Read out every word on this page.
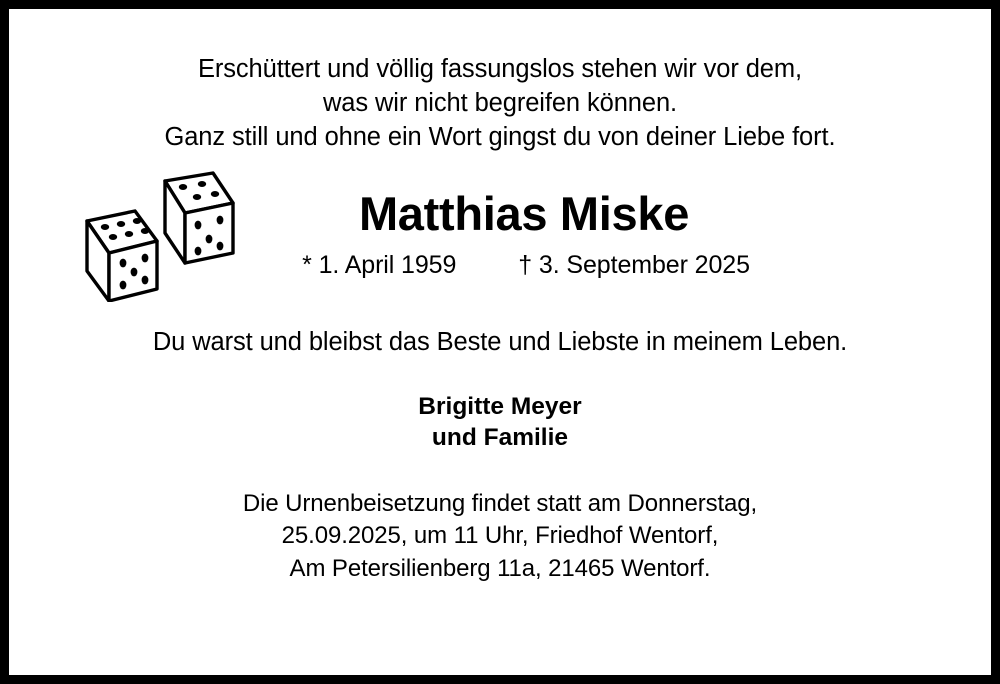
Erschüttert und völlig fassungslos stehen wir vor dem,
was wir nicht begreifen können.
Ganz still und ohne ein Wort gingst du von deiner Liebe fort.
Matthias Miske
* 1. April 1959 † 3. September 2025
Du warst und bleibst das Beste und Liebste in meinem Leben.
Brigitte Meyer
und Familie
Die Urnenbeisetzung findet statt am Donnerstag,
25.09.2025, um 11 Uhr, Friedhof Wentorf,
Am Petersilienberg 11a, 21465 Wentorf.
